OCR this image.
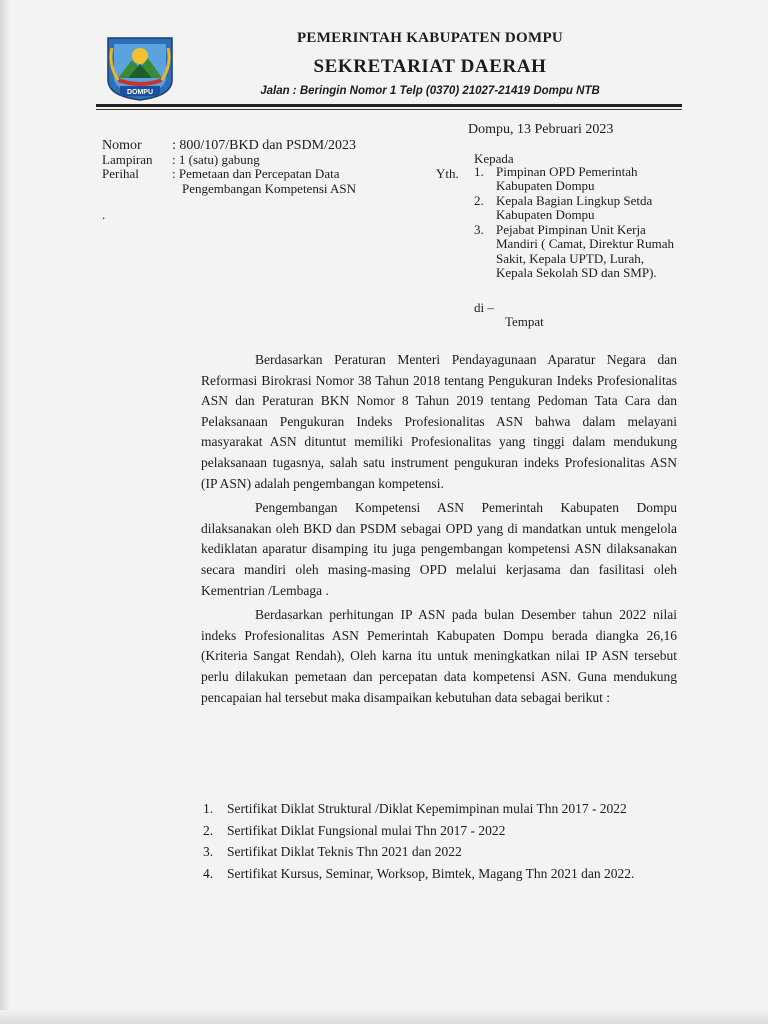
DOMPU
PEMERINTAH KABUPATEN DOMPU
SEKRETARIAT DAERAH
Jalan : Beringin Nomor 1 Telp (0370) 21027-21419 Dompu NTB
Dompu, 13 Pebruari 2023
Nomor : 800/107/BKD dan PSDM/2023
Lampiran : 1 (satu) gabung
Perihal	: Pemetaan dan Percepatan Data
Pengembangan Kompetensi ASN
.
Kepada
Yth. 1. Pimpinan OPD Pemerintah Kabupaten Dompu
2. Kepala Bagian Lingkup Setda Kabupaten Dompu
3. Pejabat Pimpinan Unit Kerja Mandiri ( Camat, Direktur Rumah Sakit, Kepala UPTD, Lurah, Kepala Sekolah SD dan SMP).
di –
Tempat

Berdasarkan Peraturan Menteri Pendayagunaan Aparatur Negara dan Reformasi Birokrasi Nomor 38 Tahun 2018 tentang Pengukuran Indeks Profesionalitas ASN dan Peraturan BKN Nomor 8 Tahun 2019 tentang Pedoman Tata Cara dan Pelaksanaan Pengukuran Indeks Profesionalitas ASN bahwa dalam melayani masyarakat ASN dituntut memiliki Profesionalitas yang tinggi dalam mendukung pelaksanaan tugasnya, salah satu instrument pengukuran indeks Profesionalitas ASN (IP ASN) adalah pengembangan kompetensi.

Pengembangan Kompetensi ASN Pemerintah Kabupaten Dompu dilaksanakan oleh BKD dan PSDM sebagai OPD yang di mandatkan untuk mengelola kediklatan aparatur disamping itu juga pengembangan kompetensi ASN dilaksanakan secara mandiri oleh masing-masing OPD melalui kerjasama dan fasilitasi oleh Kementrian /Lembaga .

Berdasarkan perhitungan IP ASN pada bulan Desember tahun 2022 nilai indeks Profesionalitas ASN Pemerintah Kabupaten Dompu berada diangka 26,16 (Kriteria Sangat Rendah), Oleh karna itu untuk meningkatkan nilai IP ASN tersebut perlu dilakukan pemetaan dan percepatan data kompetensi ASN. Guna mendukung pencapaian hal tersebut maka disampaikan kebutuhan data sebagai berikut :

1. Sertifikat Diklat Struktural /Diklat Kepemimpinan mulai Thn 2017 - 2022
2. Sertifikat Diklat Fungsional mulai Thn 2017 - 2022
3. Sertifikat Diklat Teknis Thn 2021 dan 2022
4. Sertifikat Kursus, Seminar, Worksop, Bimtek, Magang Thn 2021 dan 2022.
